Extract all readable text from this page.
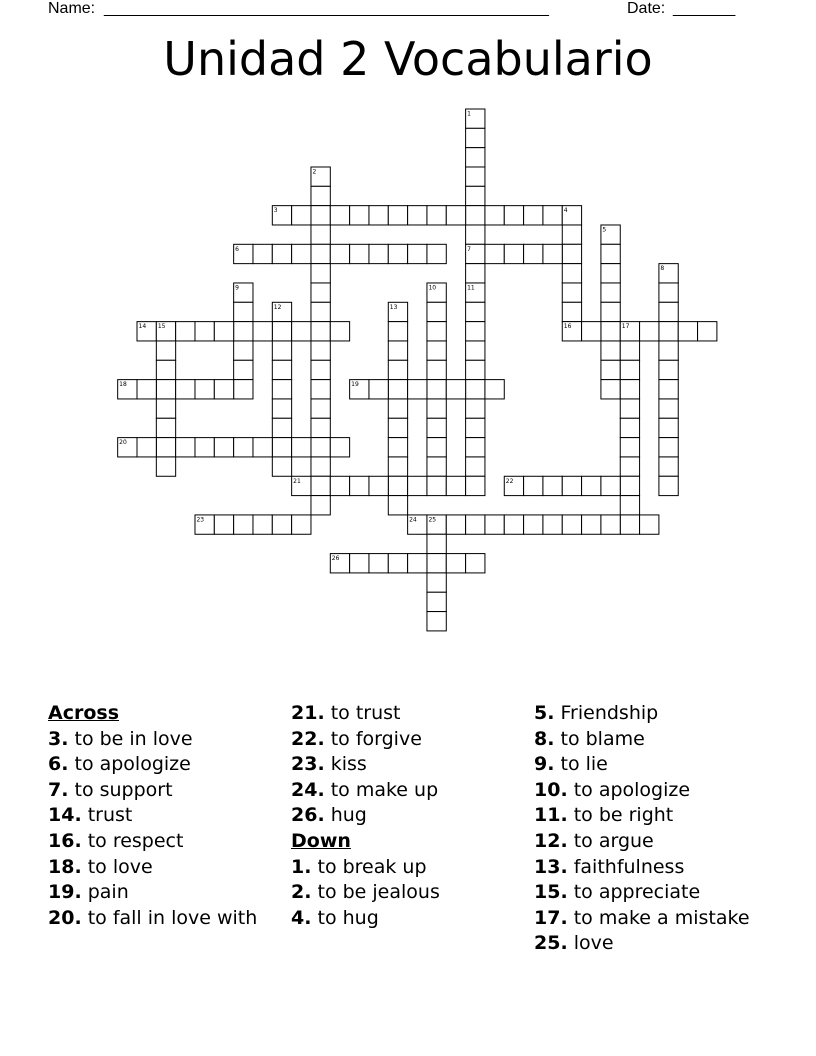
Name: __________________________________________________	Date: _______
Unidad 2 Vocabulario
1
2
3	4
5
6	7
8
9	10	11
12	13
14 15	16	17
18	19
20
21	22
23	24 25
26
Across
3. to be in love
6. to apologize
7. to support
14. trust
16. to respect
18. to love
19. pain
20. to fall in love with
21. to trust
22. to forgive
23. kiss
24. to make up
26. hug
Down
1. to break up
2. to be jealous
4. to hug
5. Friendship
8. to blame
9. to lie
10. to apologize
11. to be right
12. to argue
13. faithfulness
15. to appreciate
17. to make a mistake
25. love
